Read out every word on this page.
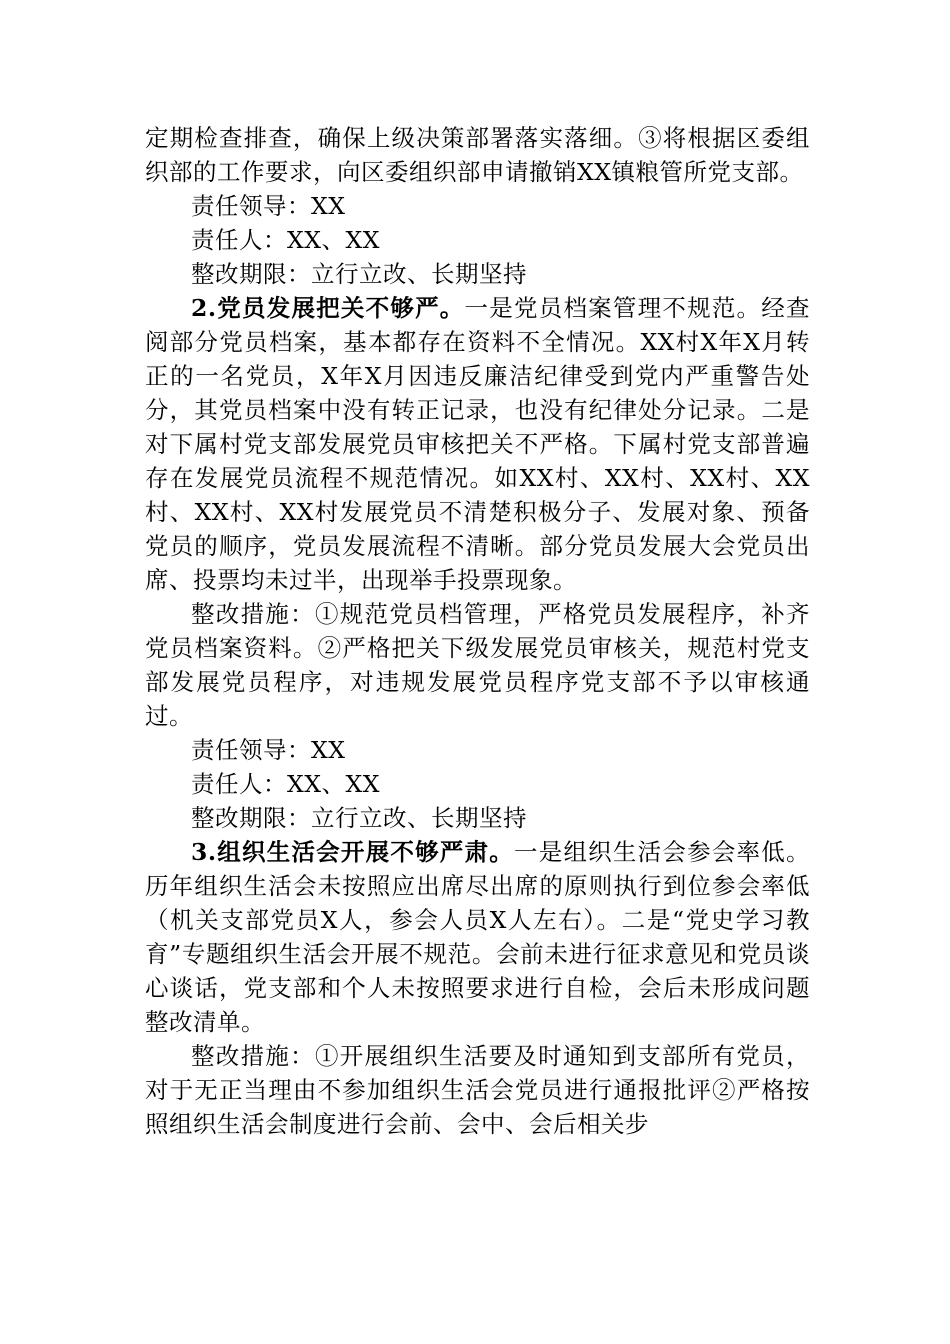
定期检查排查，确保上级决策部署落实落细。③将根据区委组织部的工作要求，向区委组织部申请撤销XX镇粮管所党支部。

责任领导：XX

责任人：XX、XX

整改期限：立行立改、长期坚持

2.党员发展把关不够严。一是党员档案管理不规范。经查阅部分党员档案，基本都存在资料不全情况。XX村X年X月转正的一名党员，X年X月因违反廉洁纪律受到党内严重警告处分，其党员档案中没有转正记录，也没有纪律处分记录。二是对下属村党支部发展党员审核把关不严格。下属村党支部普遍存在发展党员流程不规范情况。如XX村、XX村、XX村、XX村、XX村、XX村发展党员不清楚积极分子、发展对象、预备党员的顺序，党员发展流程不清晰。部分党员发展大会党员出席、投票均未过半，出现举手投票现象。

整改措施：①规范党员档管理，严格党员发展程序，补齐党员档案资料。②严格把关下级发展党员审核关，规范村党支部发展党员程序，对违规发展党员程序党支部不予以审核通过。

责任领导：XX

责任人：XX、XX

整改期限：立行立改、长期坚持

3.组织生活会开展不够严肃。一是组织生活会参会率低。历年组织生活会未按照应出席尽出席的原则执行到位参会率低（机关支部党员X人，参会人员X人左右）。二是“党史学习教育”专题组织生活会开展不规范。会前未进行征求意见和党员谈心谈话，党支部和个人未按照要求进行自检，会后未形成问题整改清单。

整改措施：①开展组织生活要及时通知到支部所有党员，对于无正当理由不参加组织生活会党员进行通报批评②严格按照组织生活会制度进行会前、会中、会后相关步
